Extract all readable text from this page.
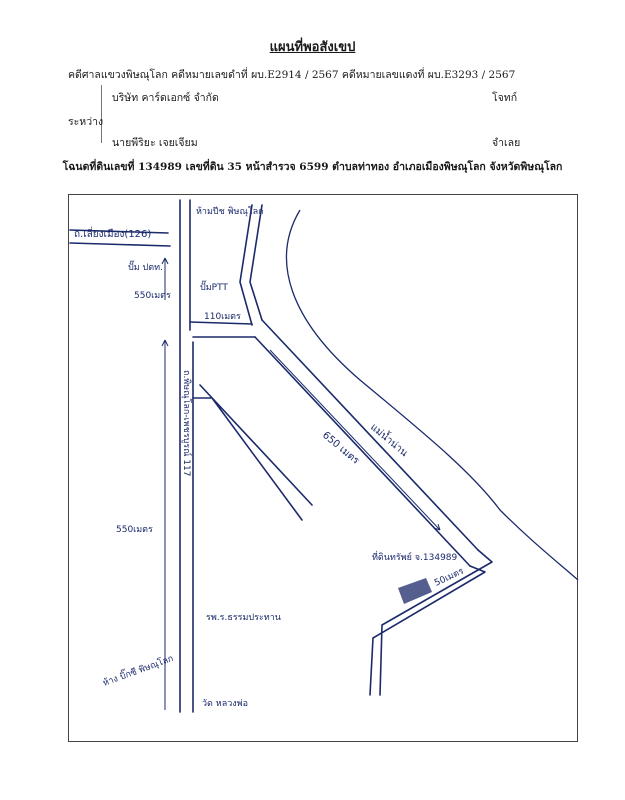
แผนที่พอสังเขป
คดีศาลแขวงพิษณุโลก คดีหมายเลขดำที่ ผบ.E2914 / 2567 คดีหมายเลขแดงที่ ผบ.E3293 / 2567
ระหว่าง
บริษัท คาร์ดเอกซ์ จำกัด	โจทก์
นายพีริยะ เจยเจียม	จำเลย
โฉนดที่ดินเลขที่ 134989 เลขที่ดิน 35 หน้าสำรวจ 6599 ตำบลท่าทอง อำเภอเมืองพิษณุโลก จังหวัดพิษณุโลก
ถ.เลี่ยงเมือง(126)
ห้ามปีช พิษณุโลก
ปั๊ม ปตท.
550เมตร
ปั๊มPTT
110เมตร
ถ.พิษณุโลก-เพชรบูรณ์ 117
550เมตร
650 เมตร แม่น้ำน่าน
ที่ดินทรัพย์ จ.134989
50เมตร
รพ.ร.ธรรมประทาน
ห้าง บิ๊กซี พิษณุโลก
วัด หลวงพ่อ
